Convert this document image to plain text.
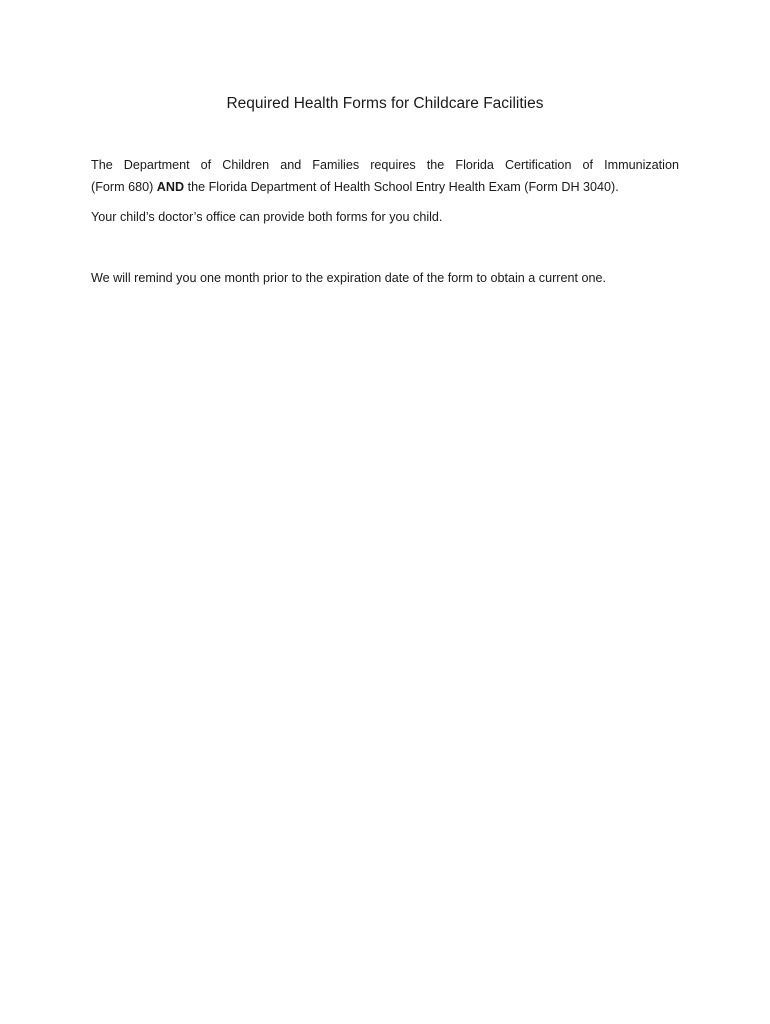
Required Health Forms for Childcare Facilities
The Department of Children and Families requires the Florida Certification of Immunization
(Form 680) AND the Florida Department of Health School Entry Health Exam (Form DH 3040).
Your child’s doctor’s office can provide both forms for you child.
We will remind you one month prior to the expiration date of the form to obtain a current one.
